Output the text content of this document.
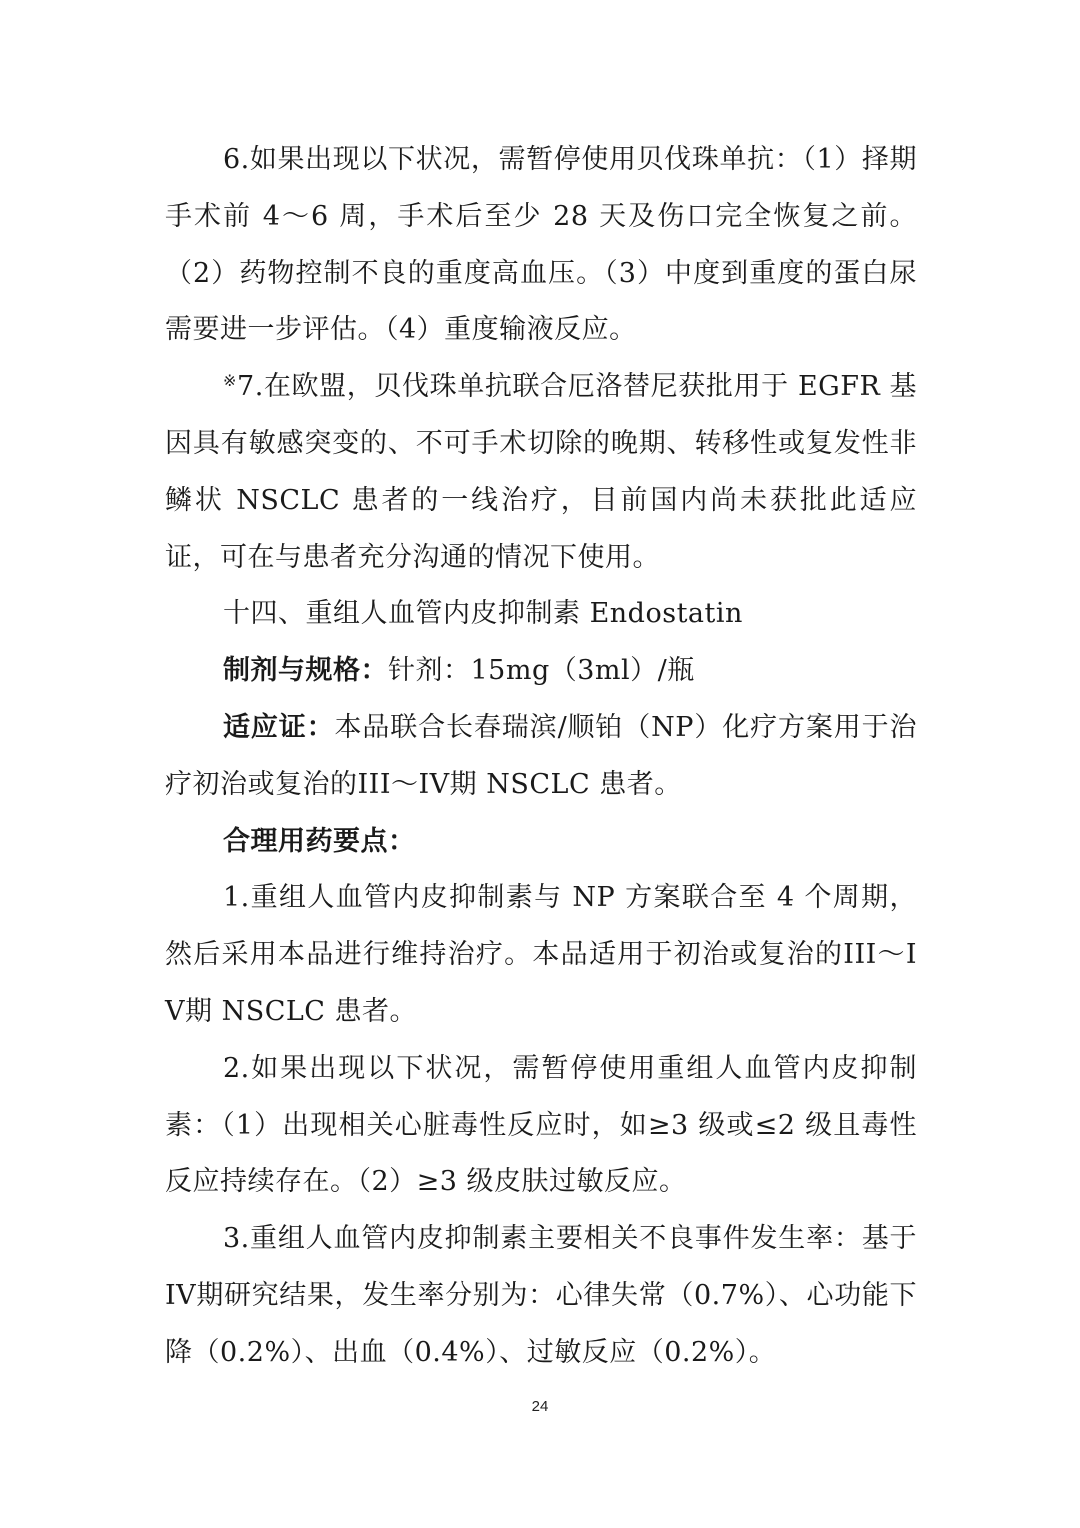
6.如果出现以下状况，需暂停使用贝伐珠单抗：（1）择期手术前 4～6 周，手术后至少 28 天及伤口完全恢复之前。（2）药物控制不良的重度高血压。（3）中度到重度的蛋白尿需要进一步评估。（4）重度输液反应。

※7.在欧盟，贝伐珠单抗联合厄洛替尼获批用于 EGFR 基因具有敏感突变的、不可手术切除的晚期、转移性或复发性非鳞状 NSCLC 患者的一线治疗，目前国内尚未获批此适应证，可在与患者充分沟通的情况下使用。

十四、重组人血管内皮抑制素 Endostatin

制剂与规格：针剂：15mg（3ml）/瓶

适应证：本品联合长春瑞滨/顺铂（NP）化疗方案用于治疗初治或复治的III～IV期 NSCLC 患者。

合理用药要点：

1.重组人血管内皮抑制素与 NP 方案联合至 4 个周期，然后采用本品进行维持治疗。本品适用于初治或复治的III～IV期 NSCLC 患者。

2.如果出现以下状况，需暂停使用重组人血管内皮抑制素：（1）出现相关心脏毒性反应时，如≥3 级或≤2 级且毒性反应持续存在。（2）≥3 级皮肤过敏反应。

3.重组人血管内皮抑制素主要相关不良事件发生率：基于IV期研究结果，发生率分别为：心律失常（0.7%）、心功能下降（0.2%）、出血（0.4%）、过敏反应（0.2%）。

24
